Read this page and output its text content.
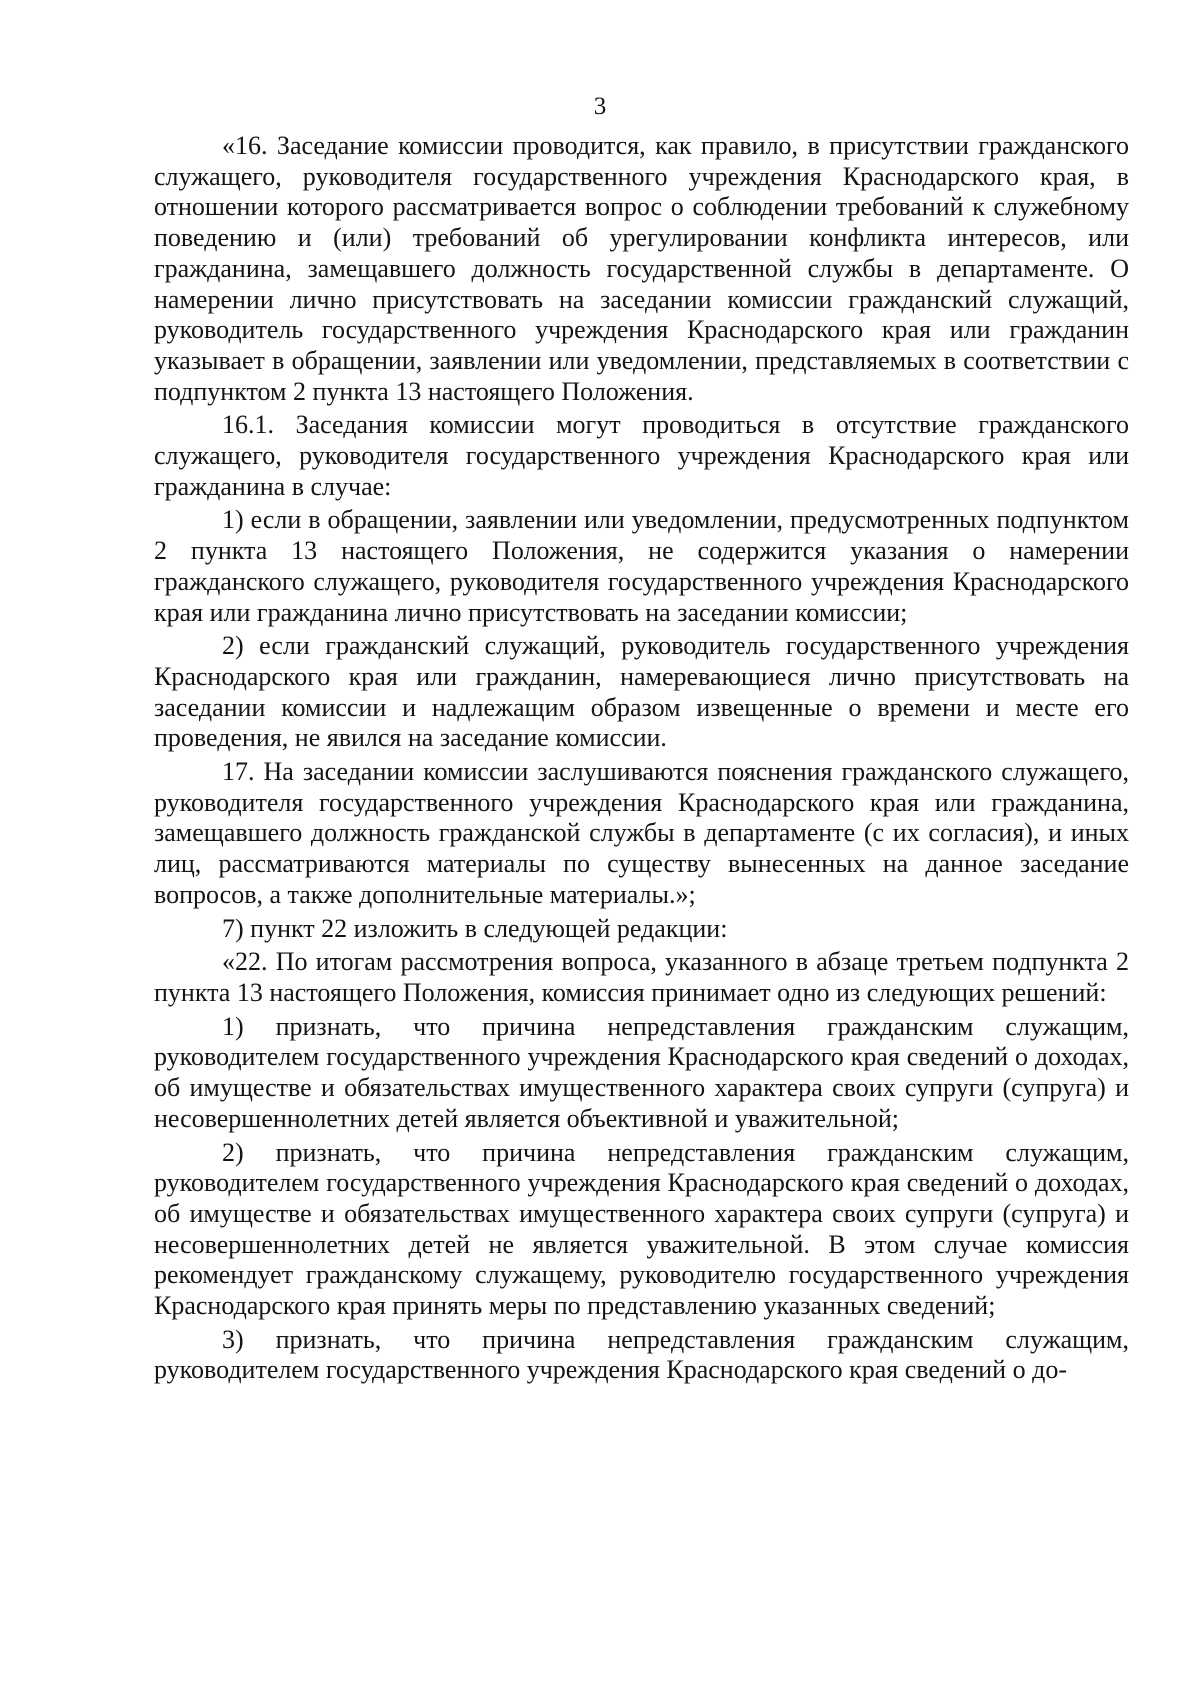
3

«16. Заседание комиссии проводится, как правило, в присутствии гражданского служащего, руководителя государственного учреждения Краснодарского края, в отношении которого рассматривается вопрос о соблюдении требований к служебному поведению и (или) требований об урегулировании конфликта интересов, или гражданина, замещавшего должность государственной службы в департаменте. О намерении лично присутствовать на заседании комиссии гражданский служащий, руководитель государственного учреждения Краснодарского края или гражданин указывает в обращении, заявлении или уведомлении, представляемых в соответствии с подпунктом 2 пункта 13 настоящего Положения.

16.1. Заседания комиссии могут проводиться в отсутствие гражданского служащего, руководителя государственного учреждения Краснодарского края или гражданина в случае:

1) если в обращении, заявлении или уведомлении, предусмотренных подпунктом 2 пункта 13 настоящего Положения, не содержится указания о намерении гражданского служащего, руководителя государственного учреждения Краснодарского края или гражданина лично присутствовать на заседании комиссии;

2) если гражданский служащий, руководитель государственного учреждения Краснодарского края или гражданин, намеревающиеся лично присутствовать на заседании комиссии и надлежащим образом извещенные о времени и месте его проведения, не явился на заседание комиссии.

17. На заседании комиссии заслушиваются пояснения гражданского служащего, руководителя государственного учреждения Краснодарского края или гражданина, замещавшего должность гражданской службы в департаменте (с их согласия), и иных лиц, рассматриваются материалы по существу вынесенных на данное заседание вопросов, а также дополнительные материалы.»;

7) пункт 22 изложить в следующей редакции:

«22. По итогам рассмотрения вопроса, указанного в абзаце третьем подпункта 2 пункта 13 настоящего Положения, комиссия принимает одно из следующих решений:

1) признать, что причина непредставления гражданским служащим, руководителем государственного учреждения Краснодарского края сведений о доходах, об имуществе и обязательствах имущественного характера своих супруги (супруга) и несовершеннолетних детей является объективной и уважительной;

2) признать, что причина непредставления гражданским служащим, руководителем государственного учреждения Краснодарского края сведений о доходах, об имуществе и обязательствах имущественного характера своих супруги (супруга) и несовершеннолетних детей не является уважительной. В этом случае комиссия рекомендует гражданскому служащему, руководителю государственного учреждения Краснодарского края принять меры по представлению указанных сведений;

3) признать, что причина непредставления гражданским служащим, руководителем государственного учреждения Краснодарского края сведений о до-
